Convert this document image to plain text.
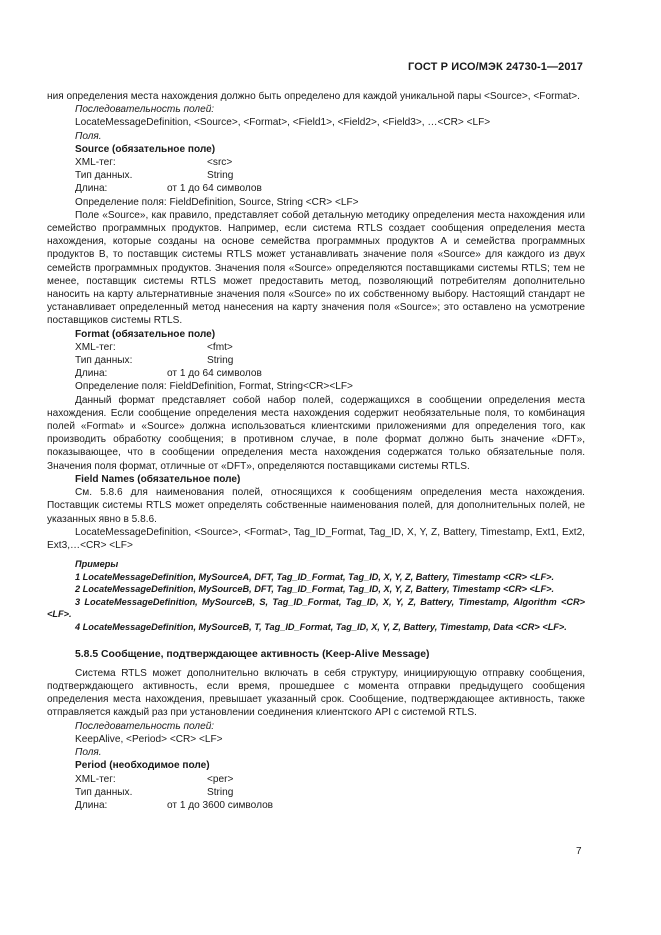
ГОСТ Р ИСО/МЭК 24730-1—2017

ния определения места нахождения должно быть определено для каждой уникальной пары <Source>, <Format>.

Последовательность полей:

LocateMessageDefinition, <Source>, <Format>, <Field1>, <Field2>, <Field3>, …<CR> <LF>

Поля.

Source (обязательное поле)

XML-тег:	<src>

Тип данных.	String

Длина:	от 1 до 64 символов

Определение поля: FieldDefinition, Source, String <CR> <LF>

Поле «Source», как правило, представляет собой детальную методику определения места нахождения или семейство программных продуктов. Например, если система RTLS создает сообщения определения места нахождения, которые созданы на основе семейства программных продуктов А и семейства программных продуктов В, то поставщик системы RTLS может устанавливать значение поля «Source» для каждого из двух семейств программных продуктов. Значения поля «Source» определяются поставщиками системы RTLS; тем не менее, поставщик системы RTLS может предоставить метод, позволяющий потребителям дополнительно наносить на карту альтернативные значения поля «Source» по их собственному выбору. Настоящий стандарт не устанавливает определенный метод нанесения на карту значения поля «Source»; это оставлено на усмотрение поставщиков системы RTLS.

Format (обязательное поле)

XML-тег:	<fmt>

Тип данных:	String

Длина:	от 1 до 64 символов

Определение поля: FieldDefinition, Format, String<CR><LF>

Данный формат представляет собой набор полей, содержащихся в сообщении определения места нахождения. Если сообщение определения места нахождения содержит необязательные поля, то комбинация полей «Format» и «Source» должна использоваться клиентскими приложениями для определения того, как производить обработку сообщения; в противном случае, в поле формат должно быть значение «DFT», показывающее, что в сообщении определения места нахождения содержатся только обязательные поля. Значения поля формат, отличные от «DFT», определяются поставщиками системы RTLS.

Field Names (обязательное поле)

См. 5.8.6 для наименования полей, относящихся к сообщениям определения места нахождения. Поставщик системы RTLS может определять собственные наименования полей, для дополнительных полей, не указанных явно в 5.8.6.

LocateMessageDefinition, <Source>, <Format>, Tag_ID_Format, Tag_ID, X, Y, Z, Battery, Timestamp, Ext1, Ext2, Ext3,…<CR> <LF>

Примеры

1 LocateMessageDefinition, MySourceA, DFT, Tag_ID_Format, Tag_ID, X, Y, Z, Battery, Timestamp <CR> <LF>.

2 LocateMessageDefinition, MySourceB, DFT, Tag_ID_Format, Tag_ID, X, Y, Z, Battery, Timestamp <CR> <LF>.

3 LocateMessageDefinition, MySourceB, S, Tag_ID_Format, Tag_ID, X, Y, Z, Battery, Timestamp, Algorithm <CR> <LF>.

4 LocateMessageDefinition, MySourceB, T, Tag_ID_Format, Tag_ID, X, Y, Z, Battery, Timestamp, Data <CR> <LF>.

5.8.5 Сообщение, подтверждающее активность (Keep-Alive Message)

Система RTLS может дополнительно включать в себя структуру, инициирующую отправку сообщения, подтверждающего активность, если время, прошедшее с момента отправки предыдущего сообщения определения места нахождения, превышает указанный срок. Сообщение, подтверждающее активность, также отправляется каждый раз при установлении соединения клиентского API с системой RTLS.

Последовательность полей:

KeepAlive, <Period> <CR> <LF>

Поля.

Period (необходимое поле)

XML-тег:	<per>

Тип данных.	String

Длина:	от 1 до 3600 символов

7
